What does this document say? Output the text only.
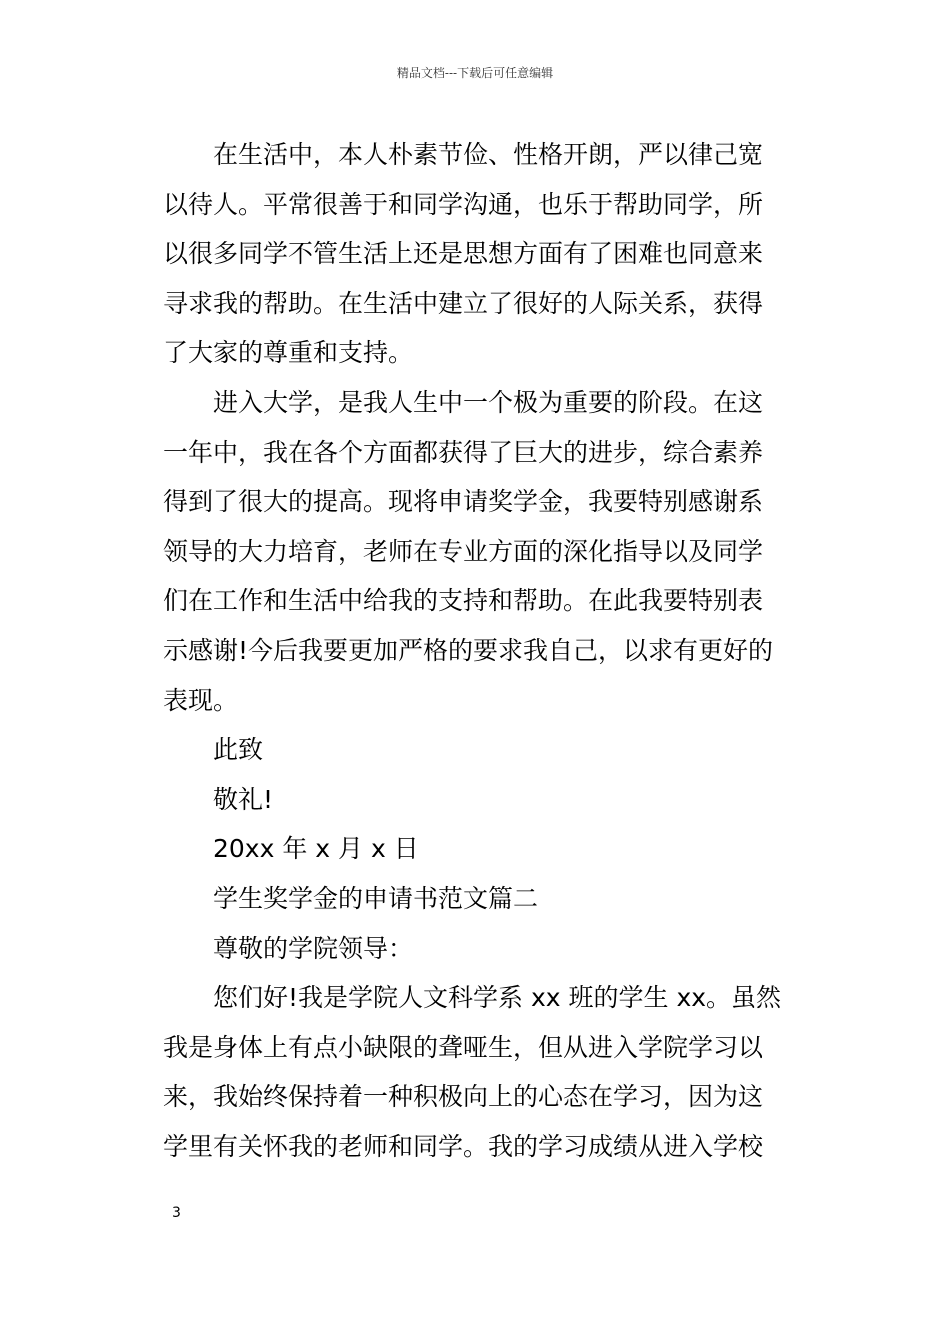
精品文档---下载后可任意编辑
在生活中，本人朴素节俭、性格开朗，严以律己宽
以待人。平常很善于和同学沟通，也乐于帮助同学，所
以很多同学不管生活上还是思想方面有了困难也同意来
寻求我的帮助。在生活中建立了很好的人际关系，获得
了大家的尊重和支持。
进入大学，是我人生中一个极为重要的阶段。在这
一年中，我在各个方面都获得了巨大的进步，综合素养
得到了很大的提高。现将申请奖学金，我要特别感谢系
领导的大力培育，老师在专业方面的深化指导以及同学
们在工作和生活中给我的支持和帮助。在此我要特别表
示感谢!今后我要更加严格的要求我自己，以求有更好的
表现。
此致
敬礼!
20xx 年 x 月 x 日
学生奖学金的申请书范文篇二
尊敬的学院领导：
您们好!我是学院人文科学系 xx 班的学生 xx。虽然
我是身体上有点小缺限的聋哑生，但从进入学院学习以
来，我始终保持着一种积极向上的心态在学习，因为这
学里有关怀我的老师和同学。我的学习成绩从进入学校
3
